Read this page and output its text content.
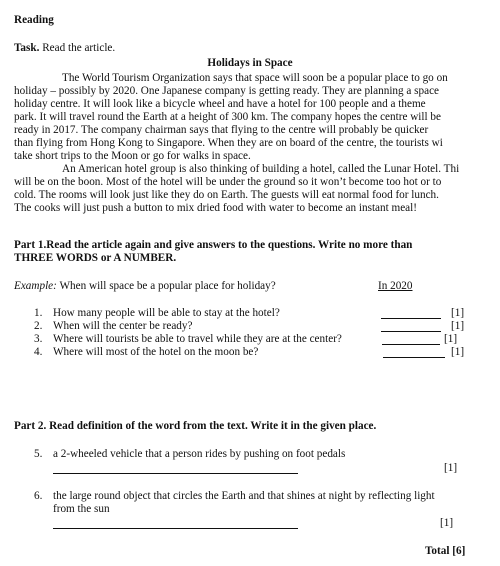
Reading
Task. Read the article.
Holidays in Space
The World Tourism Organization says that space will soon be a popular place to go on
holiday – possibly by 2020. One Japanese company is getting ready. They are planning a space
holiday centre. It will look like a bicycle wheel and have a hotel for 100 people and a theme
park. It will travel round the Earth at a height of 300 km. The company hopes the centre will be
ready in 2017. The company chairman says that flying to the centre will probably be quicker
than flying from Hong Kong to Singapore. When they are on board of the centre, the tourists wi
take short trips to the Moon or go for walks in space.
An American hotel group is also thinking of building a hotel, called the Lunar Hotel. Thi
will be on the boon. Most of the hotel will be under the ground so it won’t become too hot or to
cold. The rooms will look just like they do on Earth. The guests will eat normal food for lunch.
The cooks will just push a button to mix dried food with water to become an instant meal!
Part 1.Read the article again and give answers to the questions. Write no more than
THREE WORDS or A NUMBER.
Example: When will space be a popular place for holiday?	In 2020
1. How many people will be able to stay at the hotel?	[1]
2. When will the center be ready?	[1]
3. Where will tourists be able to travel while they are at the center?	[1]
4. Where will most of the hotel on the moon be?	[1]
Part 2. Read definition of the word from the text. Write it in the given place.
5. a 2-wheeled vehicle that a person rides by pushing on foot pedals
[1]
6. the large round object that circles the Earth and that shines at night by reflecting light
from the sun
[1]
Total [6]
